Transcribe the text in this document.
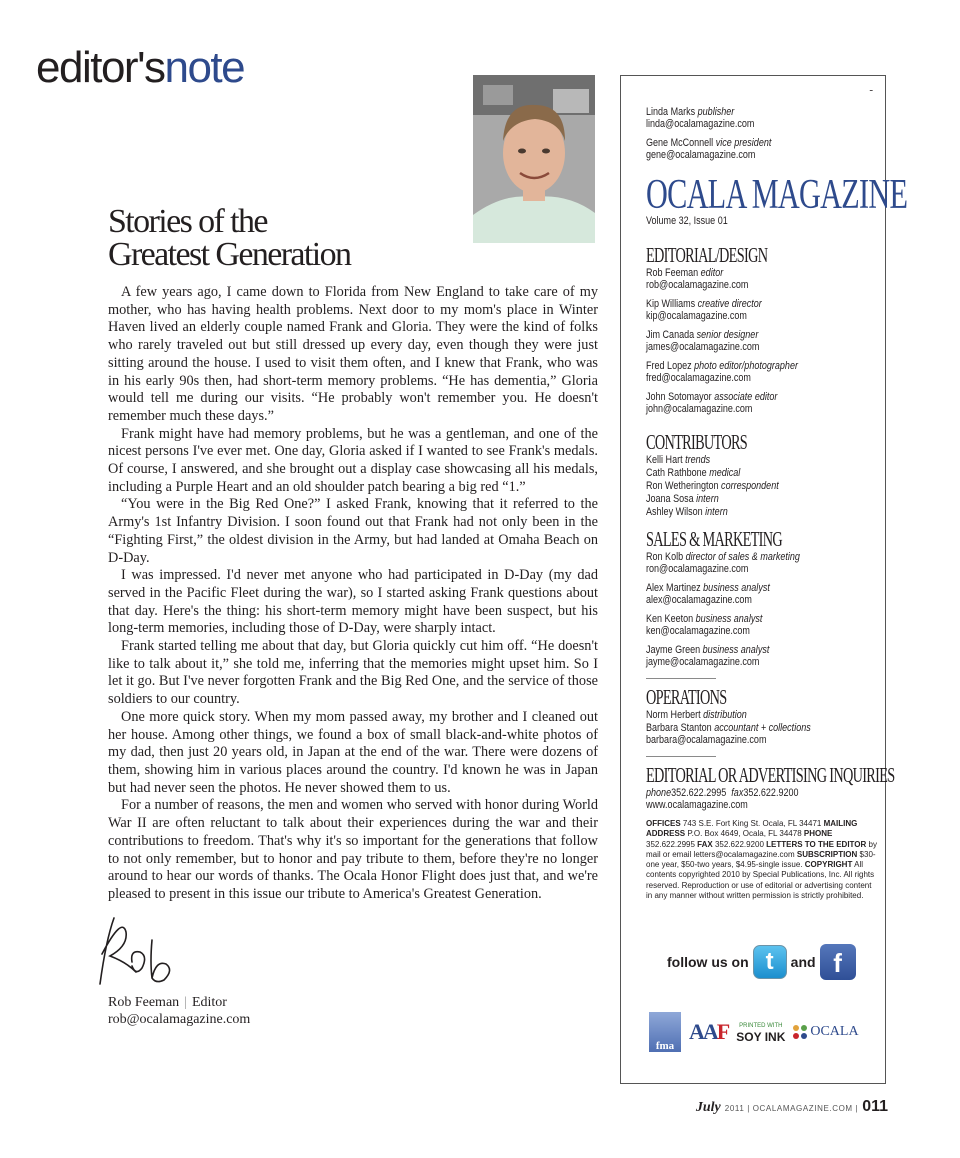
editor'snote
Stories of the
Greatest Generation

A few years ago, I came down to Florida from New England to take care of my mother, who has having health problems. Next door to my mom's place in Winter Haven lived an elderly couple named Frank and Gloria. They were the kind of folks who rarely traveled out but still dressed up every day, even though they were just sitting around the house. I used to visit them often, and I knew that Frank, who was in his early 90s then, had short-term memory problems. “He has dementia,” Gloria would tell me during our visits. “He probably won't remember you. He doesn't remember much these days.”

Frank might have had memory problems, but he was a gentleman, and one of the nicest persons I've ever met. One day, Gloria asked if I wanted to see Frank's medals. Of course, I answered, and she brought out a display case showcasing all his medals, including a Purple Heart and an old shoulder patch bearing a big red “1.”

“You were in the Big Red One?” I asked Frank, knowing that it referred to the Army's 1st Infantry Division. I soon found out that Frank had not only been in the “Fighting First,” the oldest division in the Army, but had landed at Omaha Beach on D-Day.

I was impressed. I'd never met anyone who had participated in D-Day (my dad served in the Pacific Fleet during the war), so I started asking Frank questions about that day. Here's the thing: his short-term memory might have been suspect, but his long-term memories, including those of D-Day, were sharply intact.

Frank started telling me about that day, but Gloria quickly cut him off. “He doesn't like to talk about it,” she told me, inferring that the memories might upset him. So I let it go. But I've never forgotten Frank and the Big Red One, and the service of those soldiers to our country.

One more quick story. When my mom passed away, my brother and I cleaned out her house. Among other things, we found a box of small black-and-white photos of my dad, then just 20 years old, in Japan at the end of the war. There were dozens of them, showing him in various places around the country. I'd known he was in Japan but had never seen the photos. He never showed them to us.

For a number of reasons, the men and women who served with honor during World War II are often reluctant to talk about their experiences during the war and their contributions to freedom. That's why it's so important for the generations that follow to not only remember, but to honor and pay tribute to them, before they're no longer around to hear our words of thanks. The Ocala Honor Flight does just that, and we're pleased to present in this issue our tribute to America's Greatest Generation.

Rob Feeman | Editor
rob@ocalamagazine.com
-
Linda Marks publisher
linda@ocalamagazine.com
Gene McConnell vice president
gene@ocalamagazine.com
OCALA MAGAZINE
Volume 32, Issue 01
EDITORIAL/DESIGN
Rob Feeman editor
rob@ocalamagazine.com
Kip Williams creative director
kip@ocalamagazine.com
Jim Canada senior designer
james@ocalamagazine.com
Fred Lopez photo editor/photographer
fred@ocalamagazine.com
John Sotomayor associate editor
john@ocalamagazine.com
CONTRIBUTORS
Kelli Hart trends
Cath Rathbone medical
Ron Wetherington correspondent
Joana Sosa intern
Ashley Wilson intern
SALES & MARKETING
Ron Kolb director of sales & marketing
ron@ocalamagazine.com
Alex Martinez business analyst
alex@ocalamagazine.com
Ken Keeton business analyst
ken@ocalamagazine.com
Jayme Green business analyst
jayme@ocalamagazine.com
OPERATIONS
Norm Herbert distribution
Barbara Stanton accountant + collections
barbara@ocalamagazine.com
EDITORIAL OR ADVERTISING INQUIRIES
phone352.622.2995 fax352.622.9200
www.ocalamagazine.com
OFFICES 743 S.E. Fort King St. Ocala, FL 34471 MAILING ADDRESS P.O. Box 4649, Ocala, FL 34478 PHONE 352.622.2995 FAX 352.622.9200 LETTERS TO THE EDITOR by mail or email letters@ocalamagazine.com SUBSCRIPTION $30-one year, $50-two years, $4.95-single issue. COPYRIGHT All contents copyrighted 2010 by Special Publications, Inc. All rights reserved. Reproduction or use of editorial or advertising content in any manner without written permission is strictly prohibited.
follow us on t	and f
fma
AAF	PRINTED WITH
SOY INK OCALA
July 2011 | OCALAMAGAZINE.COM | 011
